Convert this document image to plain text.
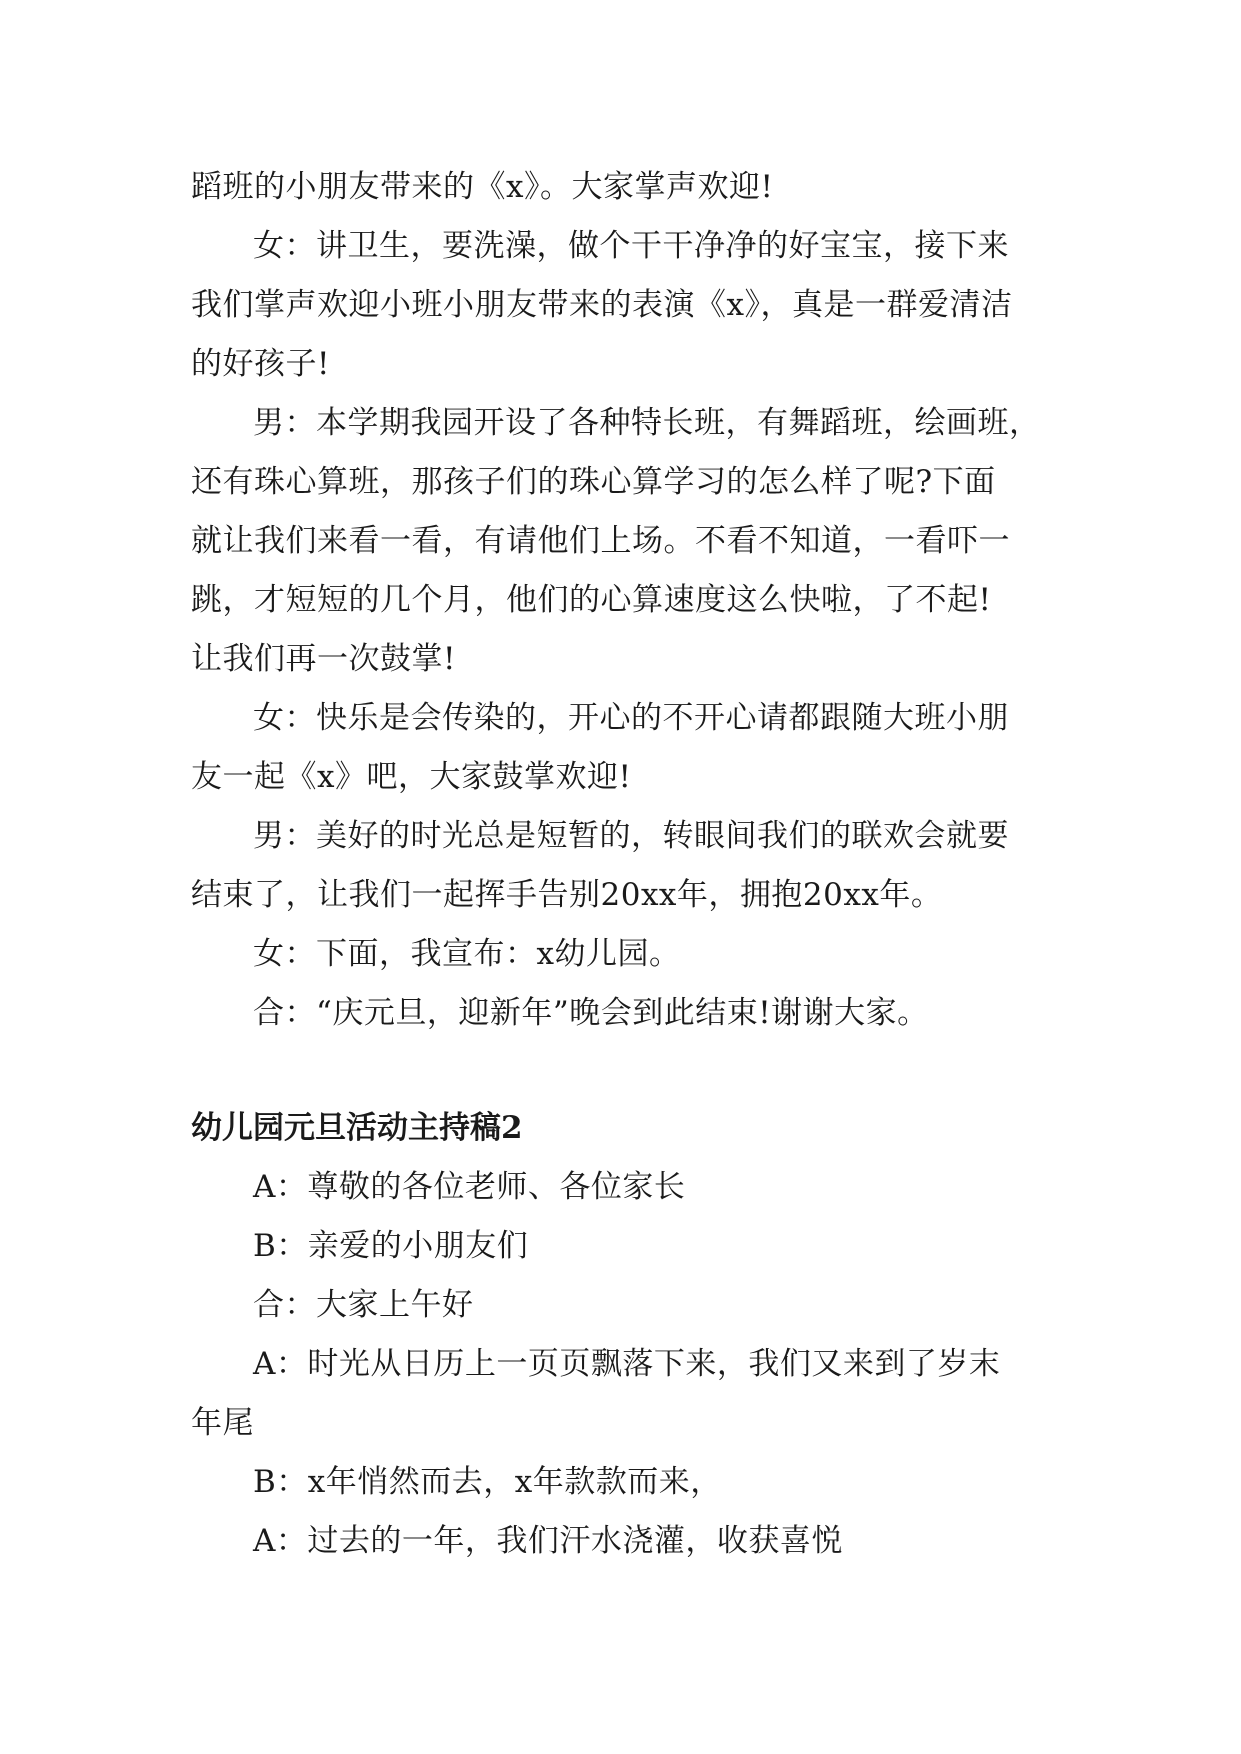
蹈班的小朋友带来的《x》。大家掌声欢迎!

女：讲卫生，要洗澡，做个干干净净的好宝宝，接下来

我们掌声欢迎小班小朋友带来的表演《x》，真是一群爱清洁

的好孩子!

男：本学期我园开设了各种特长班，有舞蹈班，绘画班，

还有珠心算班，那孩子们的珠心算学习的怎么样了呢?下面

就让我们来看一看，有请他们上场。不看不知道，一看吓一

跳，才短短的几个月，他们的心算速度这么快啦，了不起!

让我们再一次鼓掌!

女：快乐是会传染的，开心的不开心请都跟随大班小朋

友一起《x》吧，大家鼓掌欢迎!

男：美好的时光总是短暂的，转眼间我们的联欢会就要

结束了，让我们一起挥手告别20xx年，拥抱20xx年。

女：下面，我宣布：x幼儿园。

合：“庆元旦，迎新年”晚会到此结束!谢谢大家。

幼儿园元旦活动主持稿2

A：尊敬的各位老师、各位家长

B：亲爱的小朋友们

合：大家上午好

A：时光从日历上一页页飘落下来，我们又来到了岁末

年尾

B：x年悄然而去，x年款款而来，

A：过去的一年，我们汗水浇灌，收获喜悦
